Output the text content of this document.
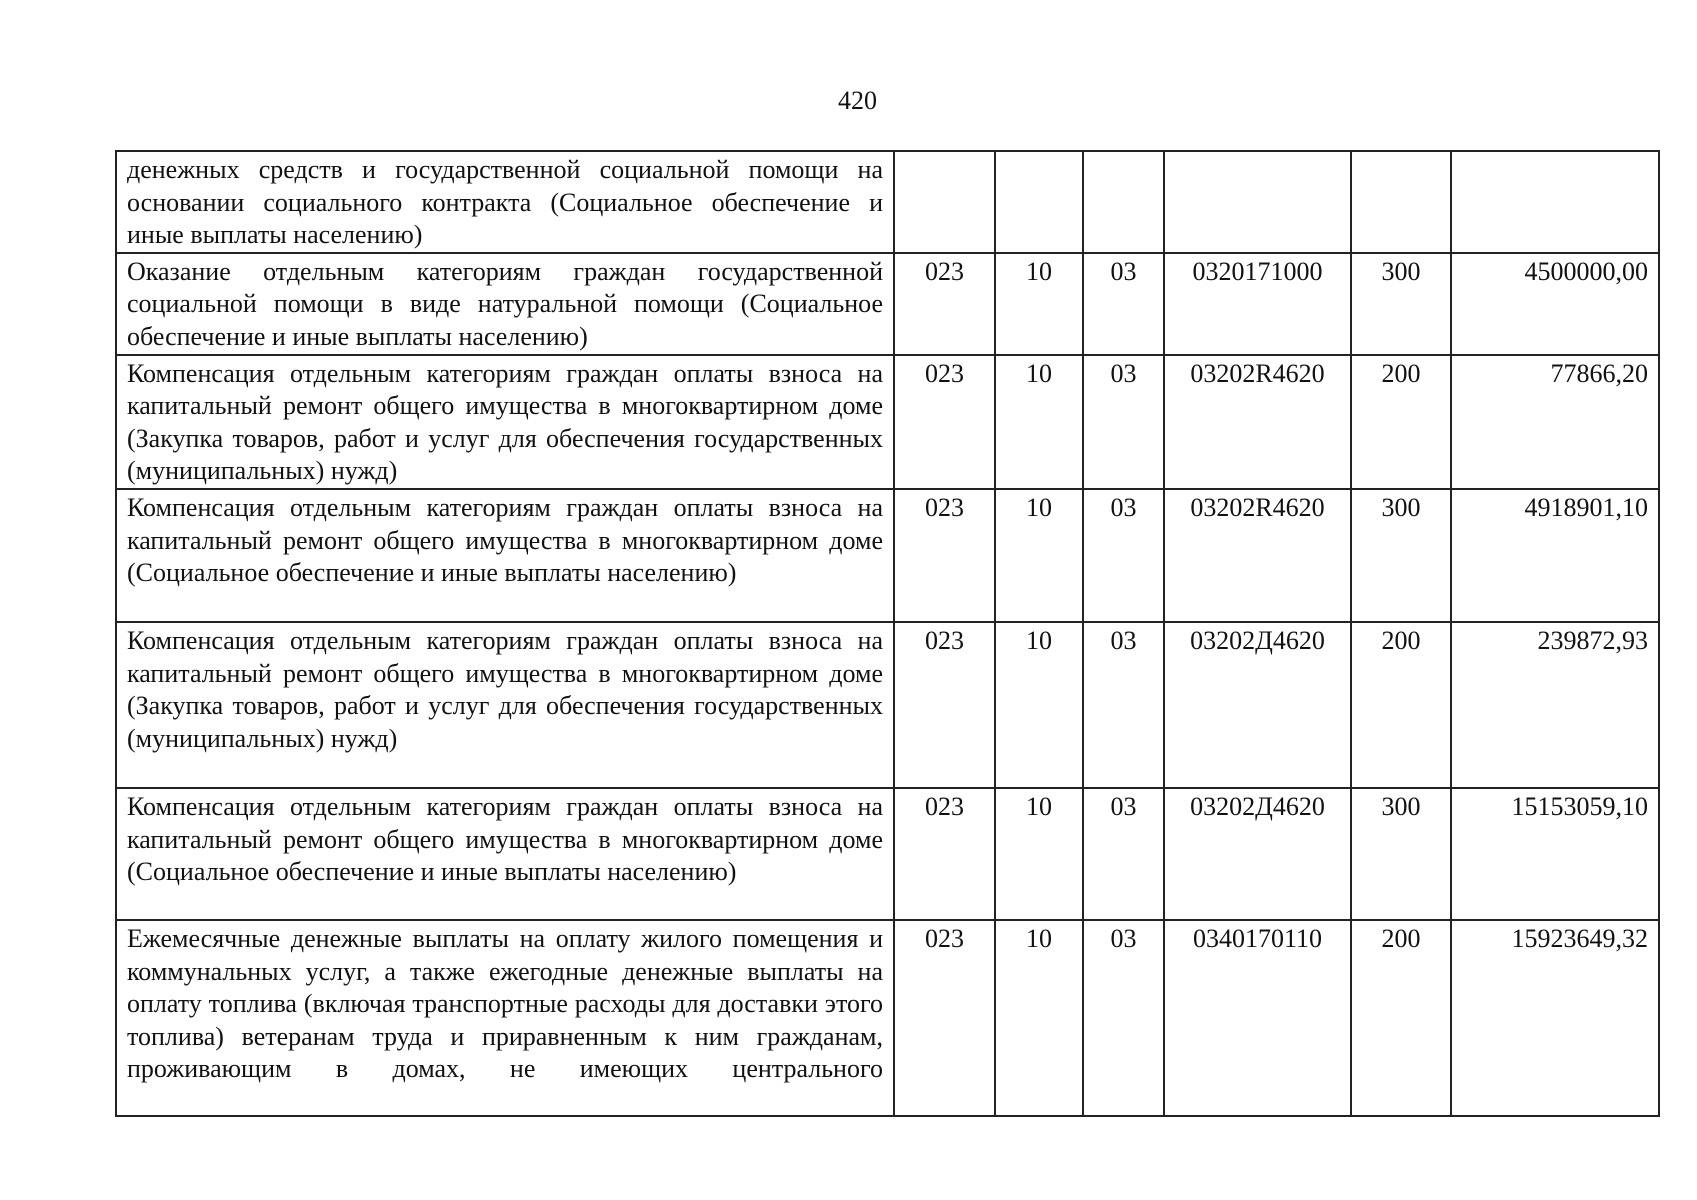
420
денежных средств и государственной социальной помощи на основании социального контракта (Социальное обеспечение и иные выплаты населению)						
Оказание отдельным категориям граждан государственной социальной помощи в виде натуральной помощи (Социальное обеспечение и иные выплаты населению)	023	10	03	0320171000	300	4500000,00
Компенсация отдельным категориям граждан оплаты взноса на капитальный ремонт общего имущества в многоквартирном доме (Закупка товаров, работ и услуг для обеспечения государственных (муниципальных) нужд)	023	10	03	03202R4620	200	77866,20
Компенсация отдельным категориям граждан оплаты взноса на капитальный ремонт общего имущества в многоквартирном доме (Социальное обеспечение и иные выплаты населению)	023	10	03	03202R4620	300	4918901,10
Компенсация отдельным категориям граждан оплаты взноса на капитальный ремонт общего имущества в многоквартирном доме (Закупка товаров, работ и услуг для обеспечения государственных (муниципальных) нужд)	023	10	03	03202Д4620	200	239872,93
Компенсация отдельным категориям граждан оплаты взноса на капитальный ремонт общего имущества в многоквартирном доме (Социальное обеспечение и иные выплаты населению)	023	10	03	03202Д4620	300	15153059,10
Ежемесячные денежные выплаты на оплату жилого помещения и коммунальных услуг, а также ежегодные денежные выплаты на оплату топлива (включая транспортные расходы для доставки этого топлива) ветеранам труда и приравненным к ним гражданам, проживающим в домах, не имеющих центрального	023	10	03	0340170110	200	15923649,32
